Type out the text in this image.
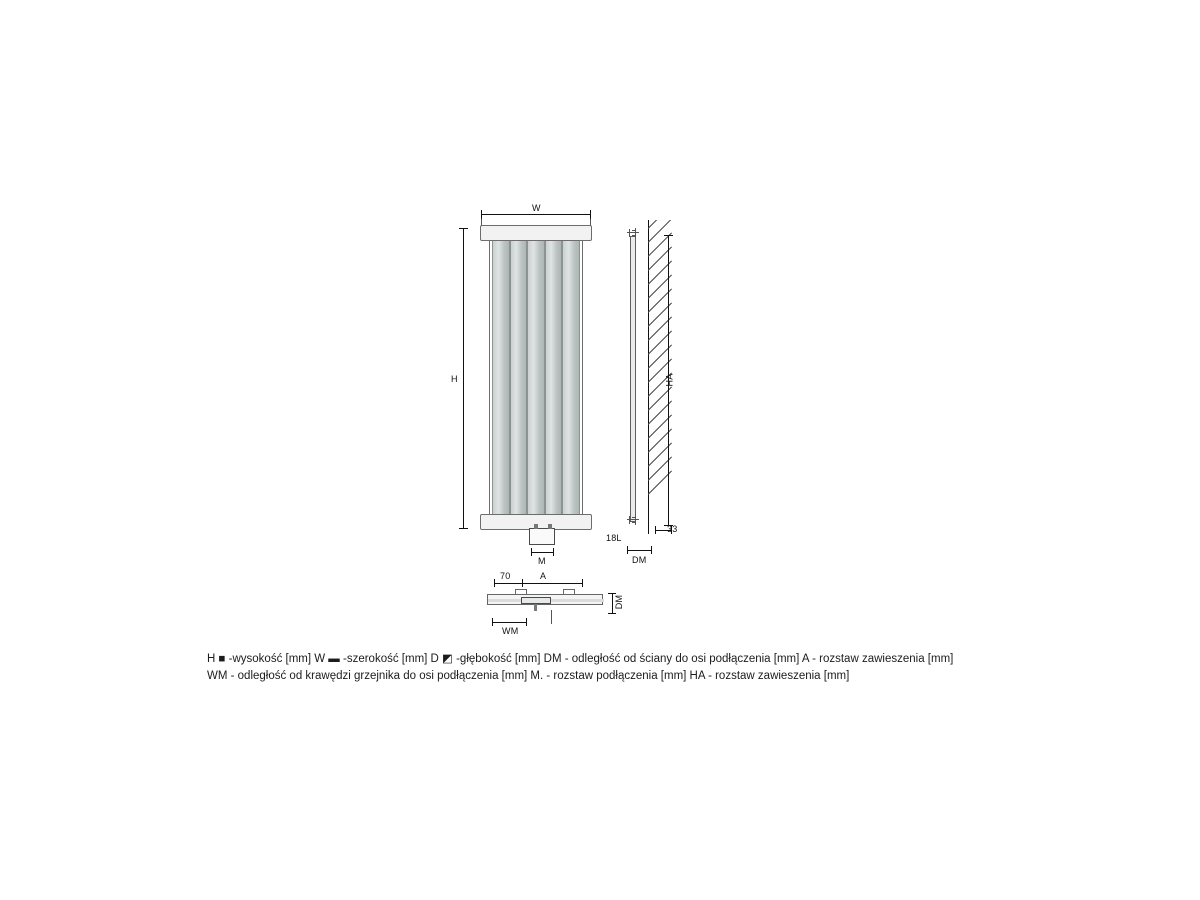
W
H
M
HA
33
18L
DM
70	A
WM
DM
H ■ -wysokość [mm] W ▬ -szerokość [mm] D ◩ -głębokość [mm] DM - odległość od ściany do osi podłączenia [mm] A - rozstaw zawieszenia [mm]
WM - odległość od krawędzi grzejnika do osi podłączenia [mm] M. - rozstaw podłączenia [mm] HA - rozstaw zawieszenia [mm]
